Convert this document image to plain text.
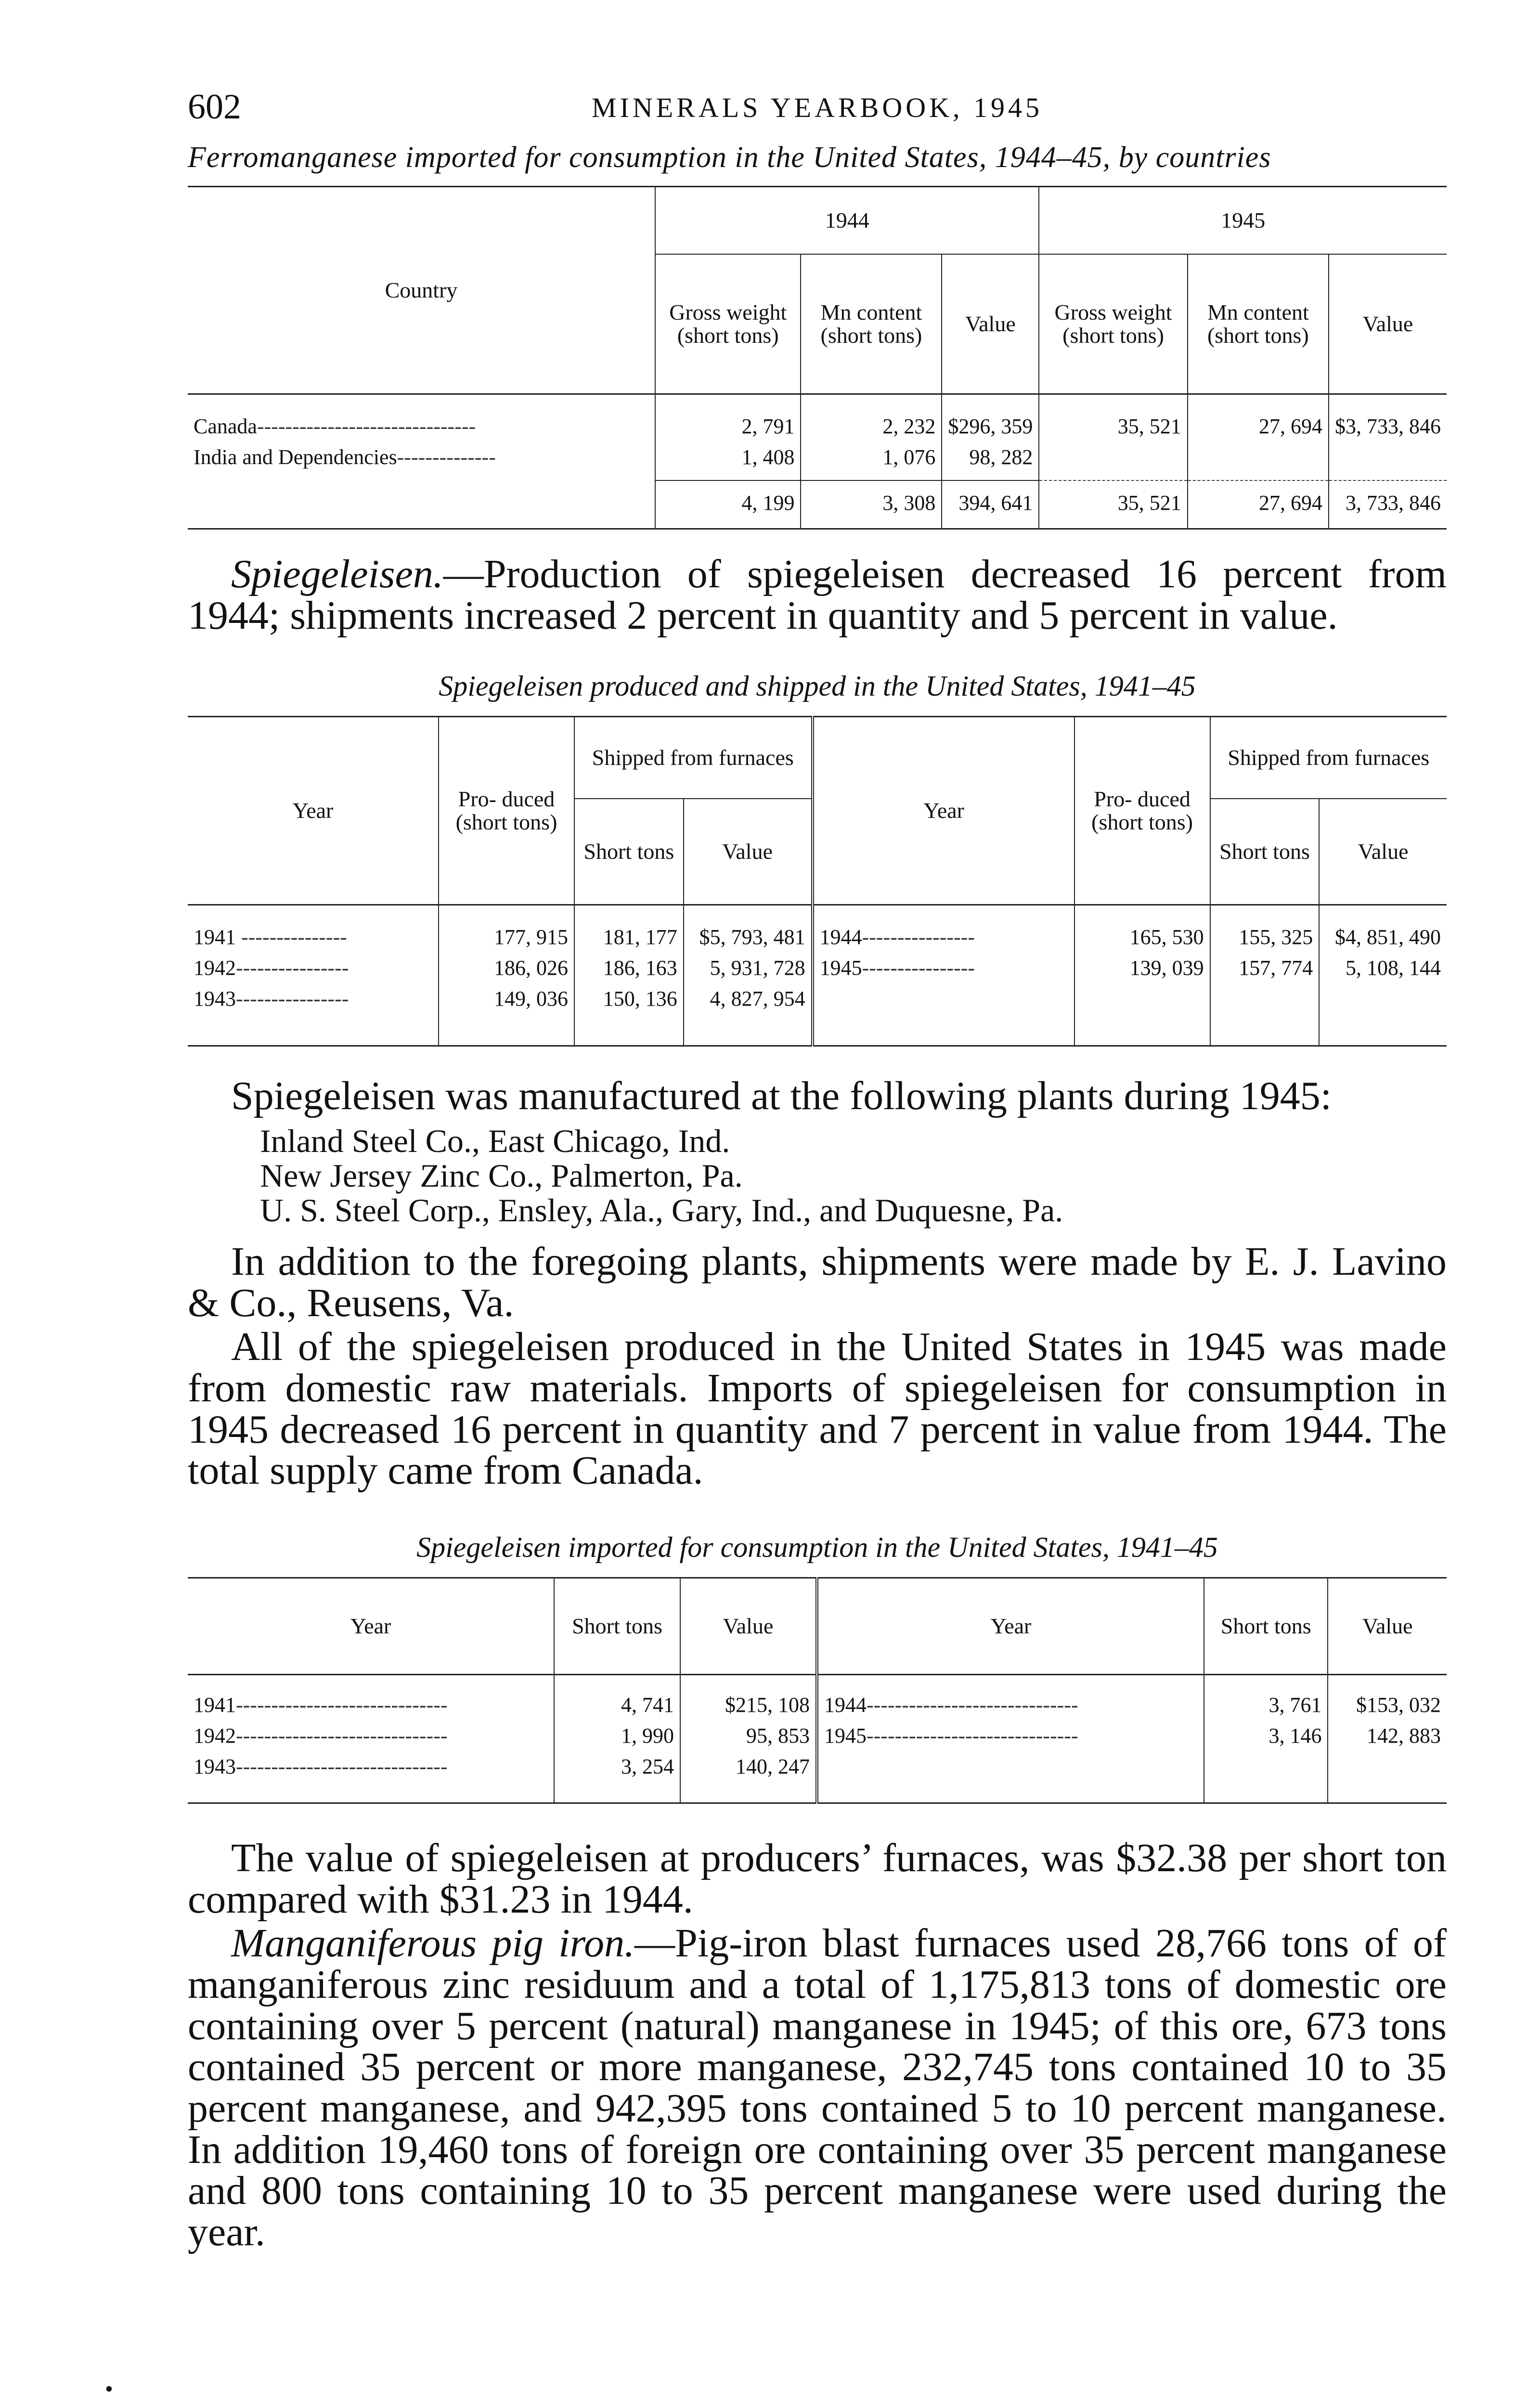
602	MINERALS YEARBOOK, 1945

Ferromanganese imported for consumption in the United States, 1944–45, by countries

Country	1944			1945		
	Gross weight (short tons)	Mn content (short tons)	Value	Gross weight (short tons)	Mn content (short tons)	Value
Canada-------------------------------	2, 791	2, 232	$296, 359	35, 521	27, 694	$3, 733, 846
India and Dependencies--------------	1, 408	1, 076	98, 282			
	4, 199	3, 308	394, 641	35, 521	27, 694	3, 733, 846

Spiegeleisen.—Production of spiegeleisen decreased 16 percent from 1944; shipments increased 2 percent in quantity and 5 percent in value.

Spiegeleisen produced and shipped in the United States, 1941–45

Year	Pro- duced (short tons)	Shipped from furnaces		Year	Pro- duced (short tons)	Shipped from furnaces	
		Short tons	Value			Short tons	Value
1941 ---------------	177, 915	181, 177	$5, 793, 481	1944----------------	165, 530	155, 325	$4, 851, 490
1942----------------	186, 026	186, 163	5, 931, 728	1945----------------	139, 039	157, 774	5, 108, 144
1943----------------	149, 036	150, 136	4, 827, 954				

Spiegeleisen was manufactured at the following plants during 1945:

Inland Steel Co., East Chicago, Ind.
New Jersey Zinc Co., Palmerton, Pa.
U. S. Steel Corp., Ensley, Ala., Gary, Ind., and Duquesne, Pa.

In addition to the foregoing plants, shipments were made by E. J. Lavino & Co., Reusens, Va.

All of the spiegeleisen produced in the United States in 1945 was made from domestic raw materials. Imports of spiegeleisen for consumption in 1945 decreased 16 percent in quantity and 7 percent in value from 1944. The total supply came from Canada.

Spiegeleisen imported for consumption in the United States, 1941–45

Year	Short tons	Value	Year	Short tons	Value
1941------------------------------	4, 741	$215, 108	1944------------------------------	3, 761	$153, 032
1942------------------------------	1, 990	95, 853	1945------------------------------	3, 146	142, 883
1943------------------------------	3, 254	140, 247			

The value of spiegeleisen at producers’ furnaces, was $32.38 per short ton compared with $31.23 in 1944.

Manganiferous pig iron.—Pig-iron blast furnaces used 28,766 tons of of manganiferous zinc residuum and a total of 1,175,813 tons of domestic ore containing over 5 percent (natural) manganese in 1945; of this ore, 673 tons contained 35 percent or more manganese, 232,745 tons contained 10 to 35 percent manganese, and 942,395 tons contained 5 to 10 percent manganese. In addition 19,460 tons of foreign ore containing over 35 percent manganese and 800 tons containing 10 to 35 percent manganese were used during the year.

•
